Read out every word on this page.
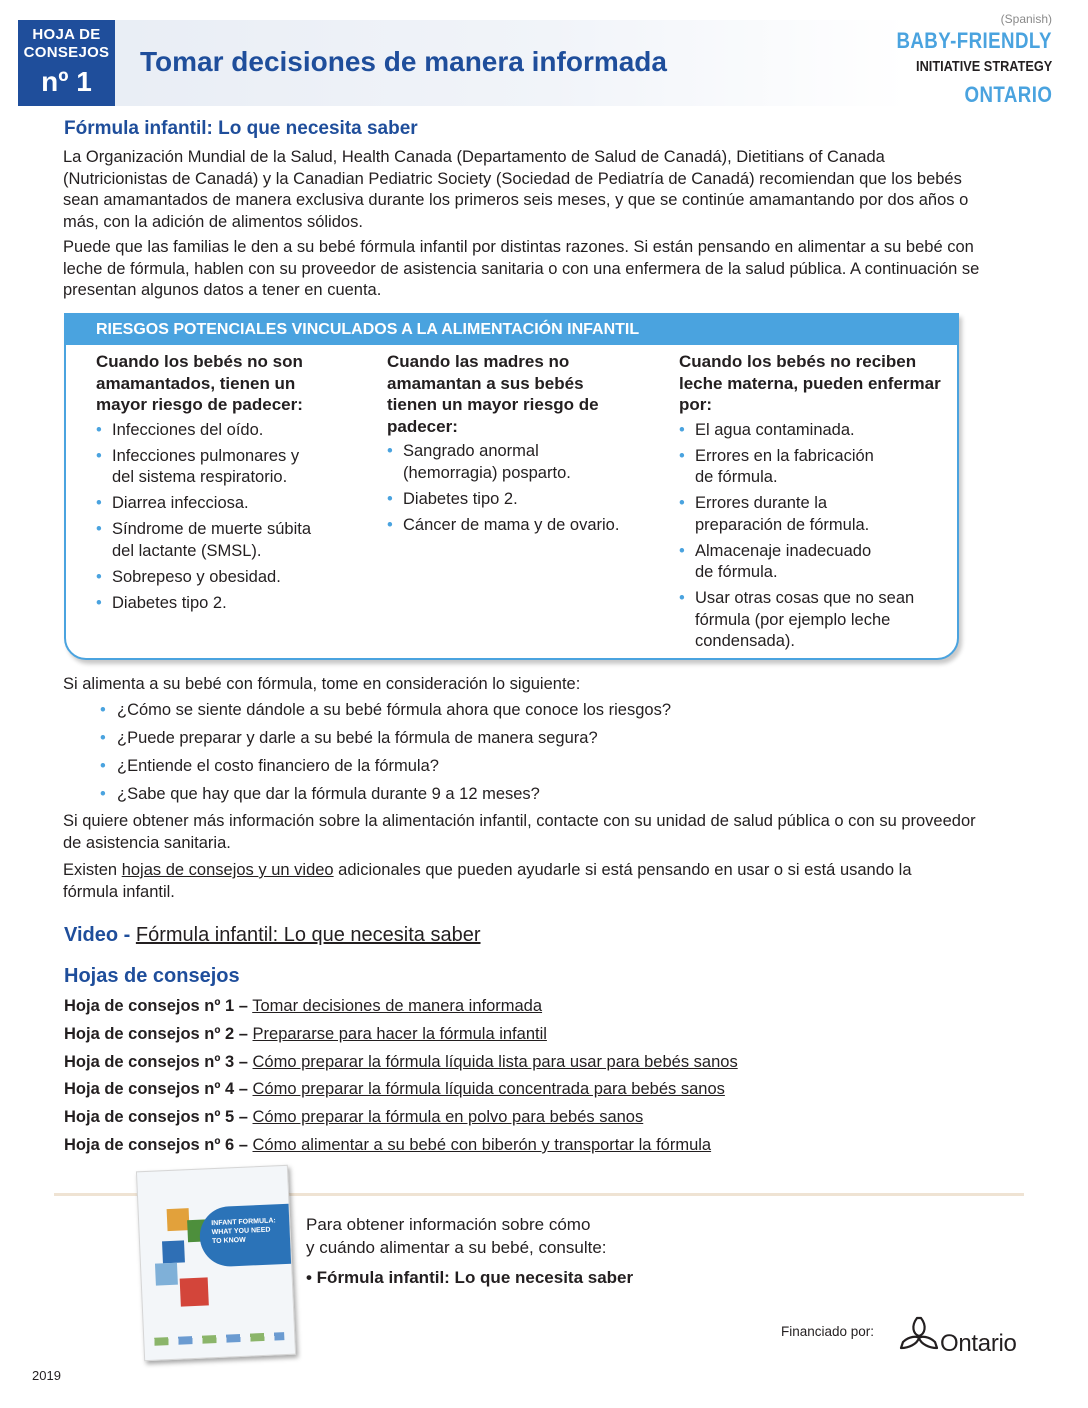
HOJA DE
CONSEJOS
nº 1
Tomar decisiones de manera informada
(Spanish)
BABY-FRIENDLY
INITIATIVE STRATEGY
ONTARIO
Fórmula infantil: Lo que necesita saber

La Organización Mundial de la Salud, Health Canada (Departamento de Salud de Canadá), Dietitians of Canada (Nutricionistas de Canadá) y la Canadian Pediatric Society (Sociedad de Pediatría de Canadá) recomiendan que los bebés sean amamantados de manera exclusiva durante los primeros seis meses, y que se continúe amamantando por dos años o más, con la adición de alimentos sólidos.

Puede que las familias le den a su bebé fórmula infantil por distintas razones. Si están pensando en alimentar a su bebé con leche de fórmula, hablen con su proveedor de asistencia sanitaria o con una enfermera de la salud pública. A continuación se presentan algunos datos a tener en cuenta.

RIESGOS POTENCIALES VINCULADOS A LA ALIMENTACIÓN INFANTIL
Cuando los bebés no son amamantados, tienen un mayor riesgo de padecer:
• Infecciones del oído.
• Infecciones pulmonares y del sistema respiratorio.
• Diarrea infecciosa.
• Síndrome de muerte súbita del lactante (SMSL).
• Sobrepeso y obesidad.
• Diabetes tipo 2.
Cuando las madres no amamantan a sus bebés tienen un mayor riesgo de padecer:
• Sangrado anormal (hemorragia) posparto.
• Diabetes tipo 2.
• Cáncer de mama y de ovario.
Cuando los bebés no reciben leche materna, pueden enfermar por:
• El agua contaminada.
• Errores en la fabricación de fórmula.
• Errores durante la preparación de fórmula.
• Almacenaje inadecuado de fórmula.
• Usar otras cosas que no sean fórmula (por ejemplo leche condensada).

Si alimenta a su bebé con fórmula, tome en consideración lo siguiente:

• ¿Cómo se siente dándole a su bebé fórmula ahora que conoce los riesgos?
• ¿Puede preparar y darle a su bebé la fórmula de manera segura?
• ¿Entiende el costo financiero de la fórmula?
• ¿Sabe que hay que dar la fórmula durante 9 a 12 meses?

Si quiere obtener más información sobre la alimentación infantil, contacte con su unidad de salud pública o con su proveedor de asistencia sanitaria.

Existen hojas de consejos y un video adicionales que pueden ayudarle si está pensando en usar o si está usando la fórmula infantil.

Video - Fórmula infantil: Lo que necesita saber
Hojas de consejos
Hoja de consejos nº 1 – Tomar decisiones de manera informada
Hoja de consejos nº 2 – Prepararse para hacer la fórmula infantil
Hoja de consejos nº 3 – Cómo preparar la fórmula líquida lista para usar para bebés sanos
Hoja de consejos nº 4 – Cómo preparar la fórmula líquida concentrada para bebés sanos
Hoja de consejos nº 5 – Cómo preparar la fórmula en polvo para bebés sanos
Hoja de consejos nº 6 – Cómo alimentar a su bebé con biberón y transportar la fórmula
INFANT FORMULA: WHAT YOU NEED TO KNOW
Para obtener información sobre cómo
y cuándo alimentar a su bebé, consulte:
• Fórmula infantil: Lo que necesita saber
Financiado por:	Ontario
2019
